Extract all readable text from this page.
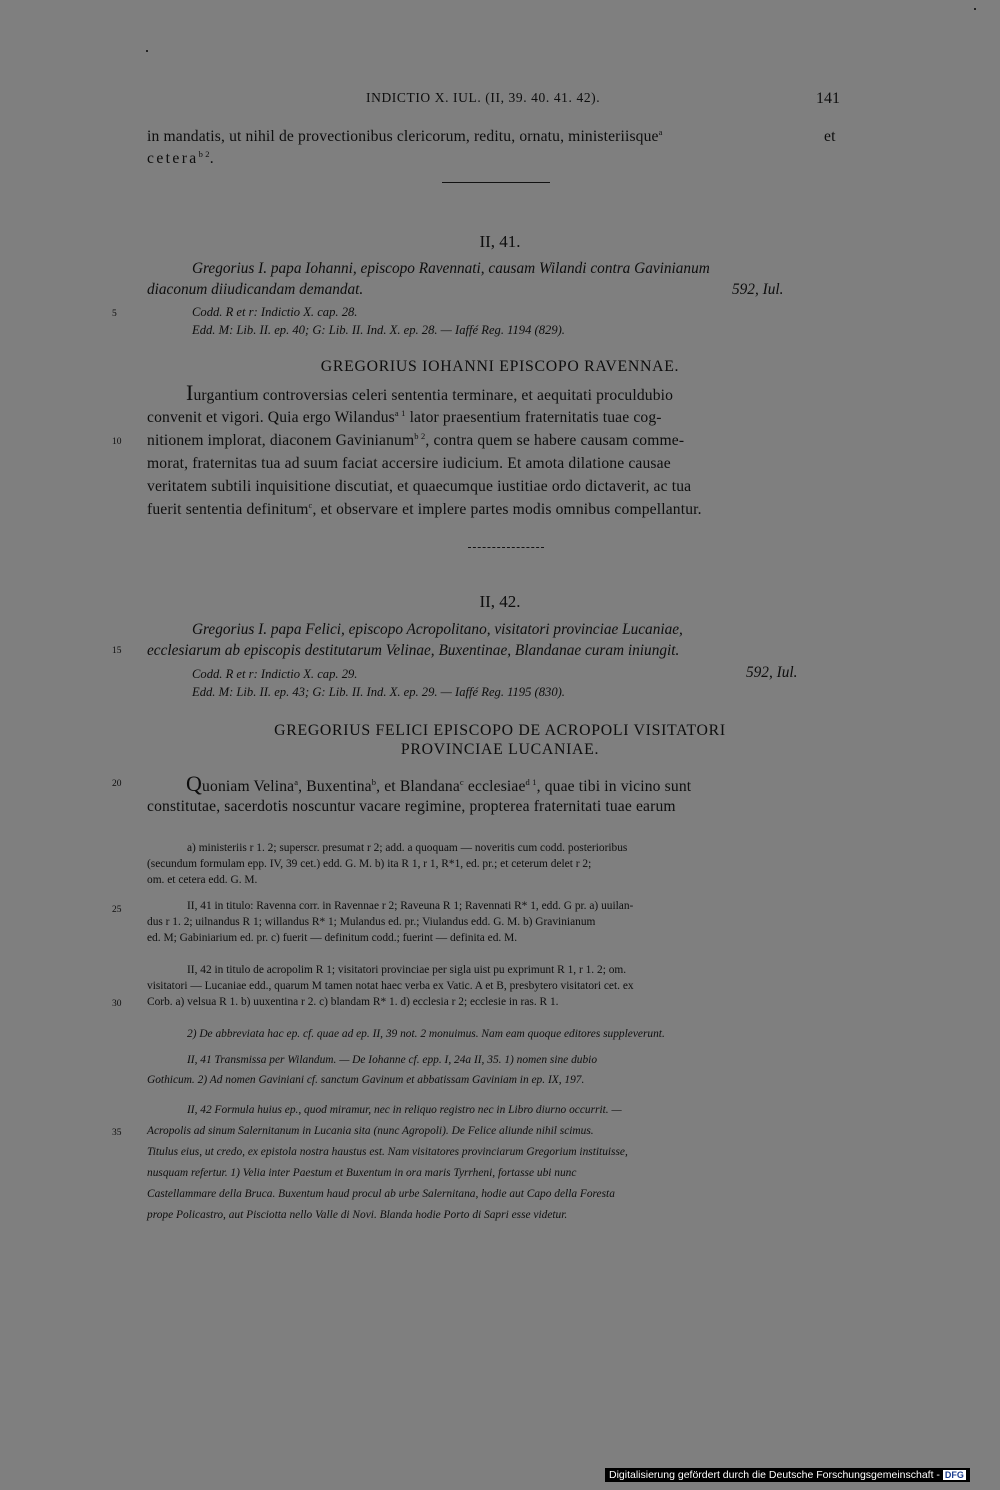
INDICTIO X. IUL. (II, 39. 40. 41. 42).	141
in mandatis, ut nihil de provectionibus clericorum, reditu, ornatu, ministeriisque$^a$	et
cetera$^{b 2}$.
II, 41.
Gregorius I. papa Iohanni, episcopo Ravennati, causam Wilandi contra Gavinianum
diaconum diiudicandam demandat.	592, Iul.
5	Codd. R et r: Indictio X. cap. 28.
Edd. M: Lib. II. ep. 40; G: Lib. II. Ind. X. ep. 28. — Iaffé Reg. 1194 (829).
GREGORIUS IOHANNI EPISCOPO RAVENNAE.
Iurgantium controversias celeri sententia terminare, et aequitati proculdubio
convenit et vigori. Quia ergo Wilandus$^{a 1}$ lator praesentium fraternitatis tuae cog-
10 nitionem implorat, diaconem Gavinianum$^{b 2}$, contra quem se habere causam comme-
morat, fraternitas tua ad suum faciat accersire iudicium. Et amota dilatione causae
veritatem subtili inquisitione discutiat, et quaecumque iustitiae ordo dictaverit, ac tua
fuerit sententia definitum$^c$, et observare et implere partes modis omnibus compellantur.
II, 42.
Gregorius I. papa Felici, episcopo Acropolitano, visitatori provinciae Lucaniae,
15 ecclesiarum ab episcopis destitutarum Velinae, Buxentinae, Blandanae curam iniungit.
Codd. R et r: Indictio X. cap. 29.	592, Iul.
Edd. M: Lib. II. ep. 43; G: Lib. II. Ind. X. ep. 29. — Iaffé Reg. 1195 (830).
GREGORIUS FELICI EPISCOPO DE ACROPOLI VISITATORI
PROVINCIAE LUCANIAE.
20	Quoniam Velina$^a$, Buxentina$^b$, et Blandana$^c$ ecclesiae$^{d 1}$, quae tibi in vicino sunt
constitutae, sacerdotis noscuntur vacare regimine, propterea fraternitati tuae earum
a) ministeriis r 1. 2; superscr. presumat r 2; add. a quoquam — noveritis cum codd. posterioribus
(secundum formulam epp. IV, 39 cet.) edd. G. M. b) ita R 1, r 1, R*1, ed. pr.; et ceterum delet r 2;
om. et cetera edd. G. M.
25	II, 41 in titulo: Ravenna corr. in Ravennae r 2; Raveuna R 1; Ravennati R* 1, edd. G pr. a) uuilan-
dus r 1. 2; uilnandus R 1; willandus R* 1; Mulandus ed. pr.; Viulandus edd. G. M. b) Gravinianum
ed. M; Gabiniarium ed. pr. c) fuerit — definitum codd.; fuerint — definita ed. M.
II, 42 in titulo de acropolim R 1; visitatori provinciae per sigla uist pu exprimunt R 1, r 1. 2; om.
visitatori — Lucaniae edd., quarum M tamen notat haec verba ex Vatic. A et B, presbytero visitatori cet. ex
30 Corb. a) velsua R 1. b) uuxentina r 2. c) blandam R* 1. d) ecclesia r 2; ecclesie in ras. R 1.
2) De abbreviata hac ep. cf. quae ad ep. II, 39 not. 2 monuimus. Nam eam quoque editores suppleverunt.
II, 41 Transmissa per Wilandum. — De Iohanne cf. epp. I, 24a II, 35. 1) nomen sine dubio
Gothicum. 2) Ad nomen Gaviniani cf. sanctum Gavinum et abbatissam Gaviniam in ep. IX, 197.
II, 42 Formula huius ep., quod miramur, nec in reliquo registro nec in Libro diurno occurrit. —
35 Acropolis ad sinum Salernitanum in Lucania sita (nunc Agropoli). De Felice aliunde nihil scimus.
Titulus eius, ut credo, ex epistola nostra haustus est. Nam visitatores provinciarum Gregorium instituisse,
nusquam refertur. 1) Velia inter Paestum et Buxentum in ora maris Tyrrheni, fortasse ubi nunc
Castellammare della Bruca. Buxentum haud procul ab urbe Salernitana, hodie aut Capo della Foresta
prope Policastro, aut Pisciotta nello Valle di Novi. Blanda hodie Porto di Sapri esse videtur.
Digitalisierung gefördert durch die Deutsche Forschungsgemeinschaft - DFG
